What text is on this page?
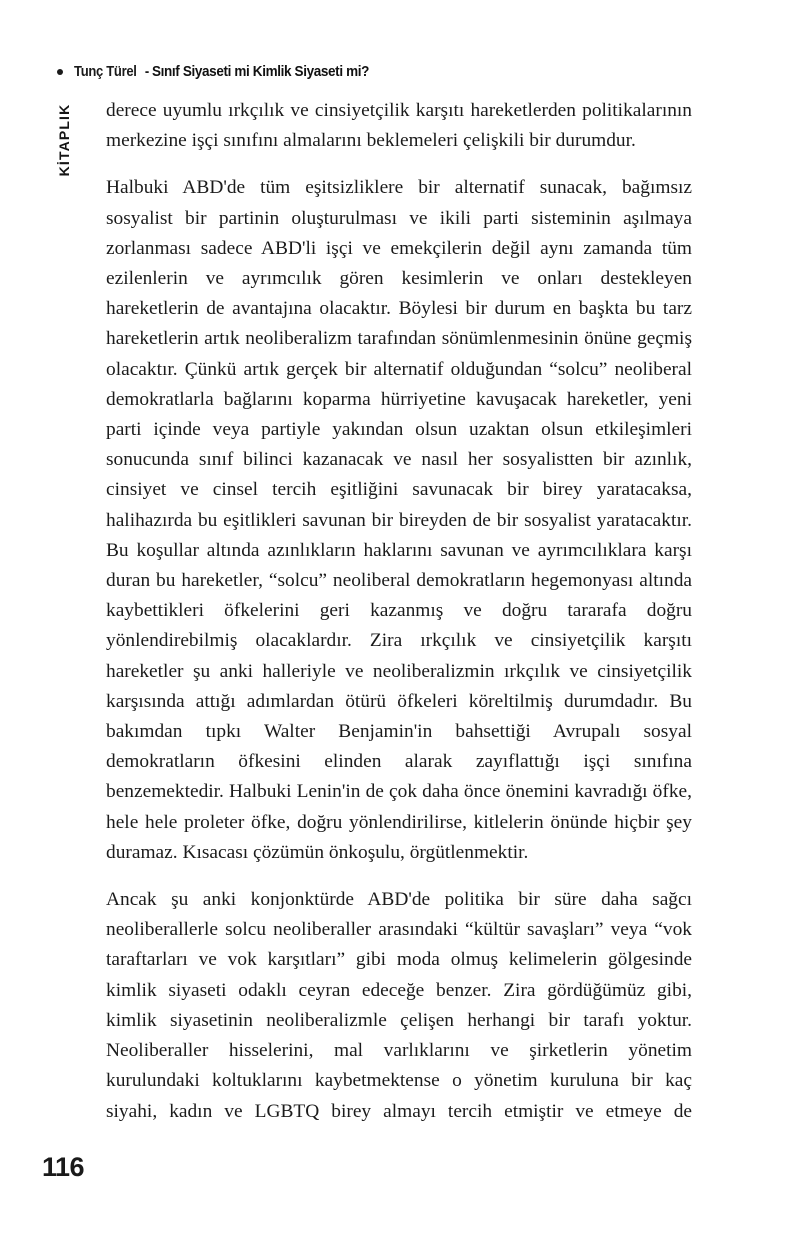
Tunç Türel - Sınıf Siyaseti mi Kimlik Siyaseti mi?
KİTAPLIK derece uyumlu ırkçılık ve cinsiyetçilik karşıtı hareketlerden politikalarının merkezine işçi sınıfını almalarını beklemeleri çelişkili bir durumdur.

Halbuki ABD'de tüm eşitsizliklere bir alternatif sunacak, bağımsız sosyalist bir partinin oluşturulması ve ikili parti sisteminin aşılmaya zorlanması sadece ABD'li işçi ve emekçilerin değil aynı zamanda tüm ezilenlerin ve ayrımcılık gören kesimlerin ve onları destekleyen hareketlerin de avantajına olacaktır. Böylesi bir durum en başkta bu tarz hareketlerin artık neoliberalizm tarafından sönümlenmesinin önüne geçmiş olacaktır. Çünkü artık gerçek bir alternatif olduğundan “solcu” neoliberal demokratlarla bağlarını koparma hürriyetine kavuşacak hareketler, yeni parti içinde veya partiyle yakından olsun uzaktan olsun etkileşimleri sonucunda sınıf bilinci kazanacak ve nasıl her sosyalistten bir azınlık, cinsiyet ve cinsel tercih eşitliğini savunacak bir birey yaratacaksa, halihazırda bu eşitlikleri savunan bir bireyden de bir sosyalist yaratacaktır. Bu koşullar altında azınlıkların haklarını savunan ve ayrımcılıklara karşı duran bu hareketler, “solcu” neoliberal demokratların hegemonyası altında kaybettikleri öfkelerini geri kazanmış ve doğru tararafa doğru yönlendirebilmiş olacaklardır. Zira ırkçılık ve cinsiyetçilik karşıtı hareketler şu anki halleriyle ve neoliberalizmin ırkçılık ve cinsiyetçilik karşısında attığı adımlardan ötürü öfkeleri köreltilmiş durumdadır. Bu bakımdan tıpkı Walter Benjamin'in bahsettiği Avrupalı sosyal demokratların öfkesini elinden alarak zayıflattığı işçi sınıfına benzemektedir. Halbuki Lenin'in de çok daha önce önemini kavradığı öfke, hele hele proleter öfke, doğru yönlendirilirse, kitlelerin önünde hiçbir şey duramaz. Kısacası çözümün önkoşulu, örgütlenmektir.

Ancak şu anki konjonktürde ABD'de politika bir süre daha sağcı neoliberallerle solcu neoliberaller arasındaki “kültür savaşları” veya “vok taraftarları ve vok karşıtları” gibi moda olmuş kelimelerin gölgesinde kimlik siyaseti odaklı ceyran edeceğe benzer. Zira gördüğümüz gibi, kimlik siyasetinin neoliberalizmle çelişen herhangi bir tarafı yoktur. Neoliberaller hisselerini, mal varlıklarını ve şirketlerin yönetim kurulundaki koltuklarını kaybetmektense o yönetim kuruluna bir kaç siyahi, kadın ve LGBTQ birey almayı tercih etmiştir ve etmeye de

116
